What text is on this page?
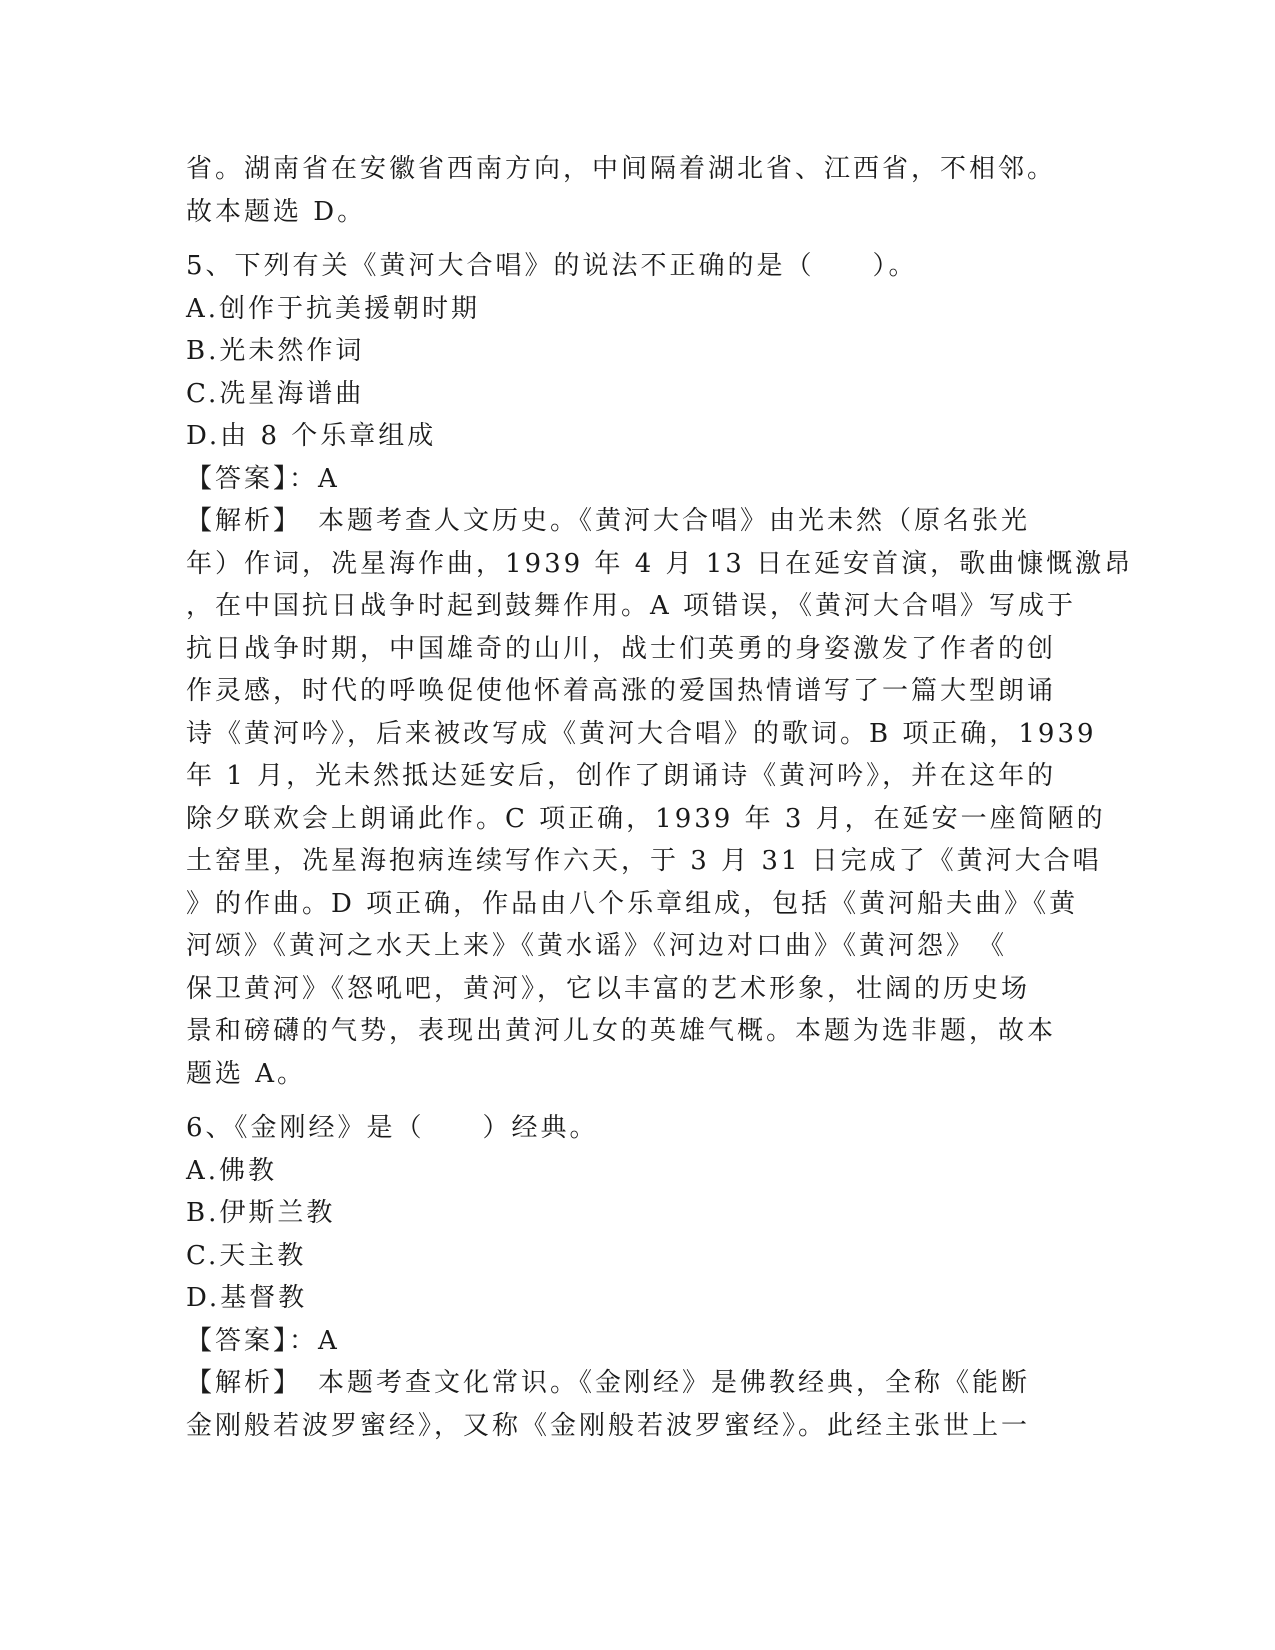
省。湖南省在安徽省西南方向，中间隔着湖北省、江西省，不相邻。
故本题选 D。
5、下列有关《黄河大合唱》的说法不正确的是（　　）。
A.创作于抗美援朝时期
B.光未然作词
C.冼星海谱曲
D.由 8 个乐章组成
【答案】：A
【解析】　本题考查人文历史。《黄河大合唱》由光未然（原名张光
年）作词，冼星海作曲，1939 年 4 月 13 日在延安首演，歌曲慷慨激昂
，在中国抗日战争时起到鼓舞作用。A 项错误，《黄河大合唱》写成于
抗日战争时期，中国雄奇的山川，战士们英勇的身姿激发了作者的创
作灵感，时代的呼唤促使他怀着高涨的爱国热情谱写了一篇大型朗诵
诗《黄河吟》，后来被改写成《黄河大合唱》的歌词。B 项正确，1939
年 1 月，光未然抵达延安后，创作了朗诵诗《黄河吟》，并在这年的
除夕联欢会上朗诵此作。C 项正确，1939 年 3 月，在延安一座简陋的
土窑里，冼星海抱病连续写作六天，于 3 月 31 日完成了《黄河大合唱
》的作曲。D 项正确，作品由八个乐章组成，包括《黄河船夫曲》《黄
河颂》《黄河之水天上来》《黄水谣》《河边对口曲》《黄河怨》　《
保卫黄河》《怒吼吧，黄河》，它以丰富的艺术形象，壮阔的历史场
景和磅礴的气势，表现出黄河儿女的英雄气概。本题为选非题，故本
题选 A。
6、《金刚经》是（　　）经典。
A.佛教
B.伊斯兰教
C.天主教
D.基督教
【答案】：A
【解析】　本题考查文化常识。《金刚经》是佛教经典，全称《能断
金刚般若波罗蜜经》，又称《金刚般若波罗蜜经》。此经主张世上一
